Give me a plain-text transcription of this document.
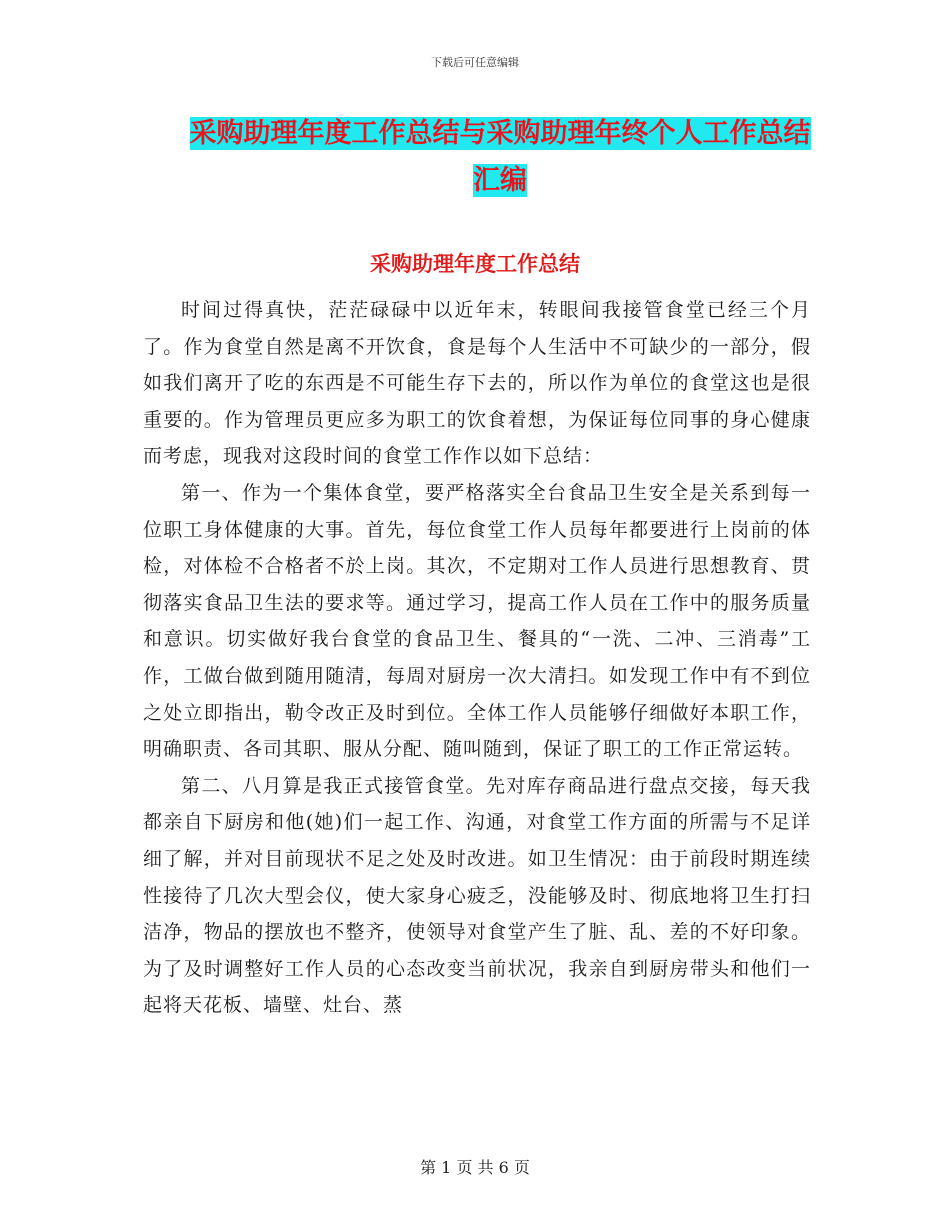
下载后可任意编辑
采购助理年度工作总结与采购助理年终个人工作总结
汇编
采购助理年度工作总结

时间过得真快，茫茫碌碌中以近年末，转眼间我接管食堂已经三个月了。作为食堂自然是离不开饮食，食是每个人生活中不可缺少的一部分，假如我们离开了吃的东西是不可能生存下去的，所以作为单位的食堂这也是很重要的。作为管理员更应多为职工的饮食着想，为保证每位同事的身心健康而考虑，现我对这段时间的食堂工作作以如下总结：

第一、作为一个集体食堂，要严格落实全台食品卫生安全是关系到每一位职工身体健康的大事。首先，每位食堂工作人员每年都要进行上岗前的体检，对体检不合格者不於上岗。其次，不定期对工作人员进行思想教育、贯彻落实食品卫生法的要求等。通过学习，提高工作人员在工作中的服务质量和意识。切实做好我台食堂的食品卫生、餐具的“一洗、二冲、三消毒”工作，工做台做到随用随清，每周对厨房一次大清扫。如发现工作中有不到位之处立即指出，勒令改正及时到位。全体工作人员能够仔细做好本职工作，明确职责、各司其职、服从分配、随叫随到，保证了职工的工作正常运转。

第二、八月算是我正式接管食堂。先对库存商品进行盘点交接，每天我都亲自下厨房和他(她)们一起工作、沟通，对食堂工作方面的所需与不足详细了解，并对目前现状不足之处及时改进。如卫生情况：由于前段时期连续性接待了几次大型会仪，使大家身心疲乏，没能够及时、彻底地将卫生打扫洁净，物品的摆放也不整齐，使领导对食堂产生了脏、乱、差的不好印象。为了及时调整好工作人员的心态改变当前状况，我亲自到厨房带头和他们一起将天花板、墙壁、灶台、蒸

第 1 页 共 6 页
